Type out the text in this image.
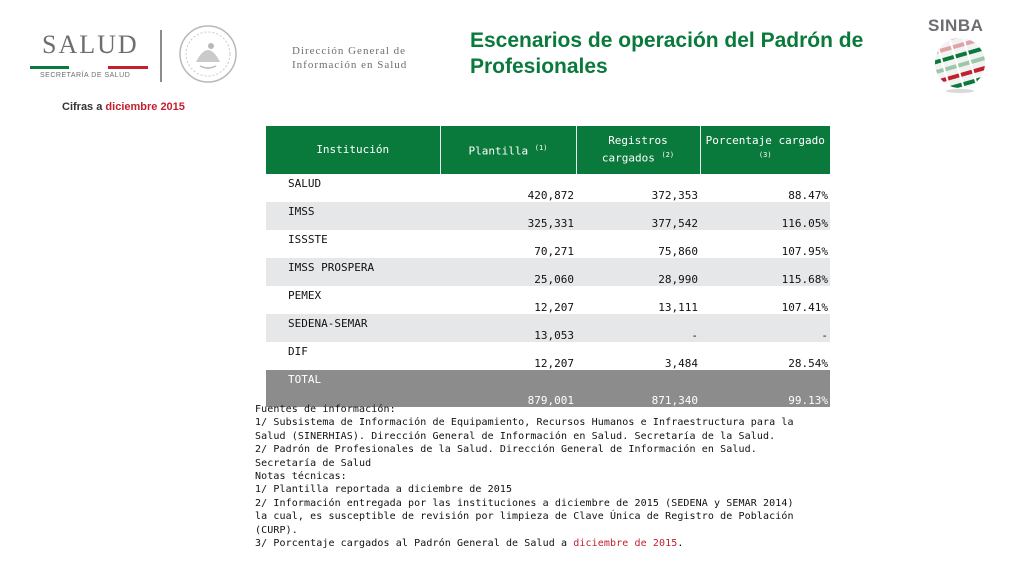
SALUD
SECRETARÍA DE SALUD
Dirección General de
Información en Salud
Escenarios de operación del Padrón de
Profesionales
SINBA
Cifras a diciembre 2015
Institución	Plantilla $^{(1)}$	Registros cargados $^{(2)}$	Porcentaje cargado $^{(3)}$
SALUD	420,872	372,353	88.47%
IMSS	325,331	377,542	116.05%
ISSSTE	70,271	75,860	107.95%
IMSS PROSPERA	25,060	28,990	115.68%
PEMEX	12,207	13,111	107.41%
SEDENA-SEMAR	13,053	-	-
DIF	12,207	3,484	28.54%
TOTAL	879,001	871,340	99.13%

Fuentes de información:

1/ Subsistema de Información de Equipamiento, Recursos Humanos e Infraestructura para la

Salud (SINERHIAS). Dirección General de Información en Salud. Secretaría de la Salud.

2/ Padrón de Profesionales de la Salud. Dirección General de Información en Salud.

Secretaría de Salud

Notas técnicas:

1/ Plantilla reportada a diciembre de 2015

2/ Información entregada por las instituciones a diciembre de 2015 (SEDENA y SEMAR 2014)

la cual, es susceptible de revisión por limpieza de Clave Única de Registro de Población

(CURP).

3/ Porcentaje cargados al Padrón General de Salud a diciembre de 2015.
